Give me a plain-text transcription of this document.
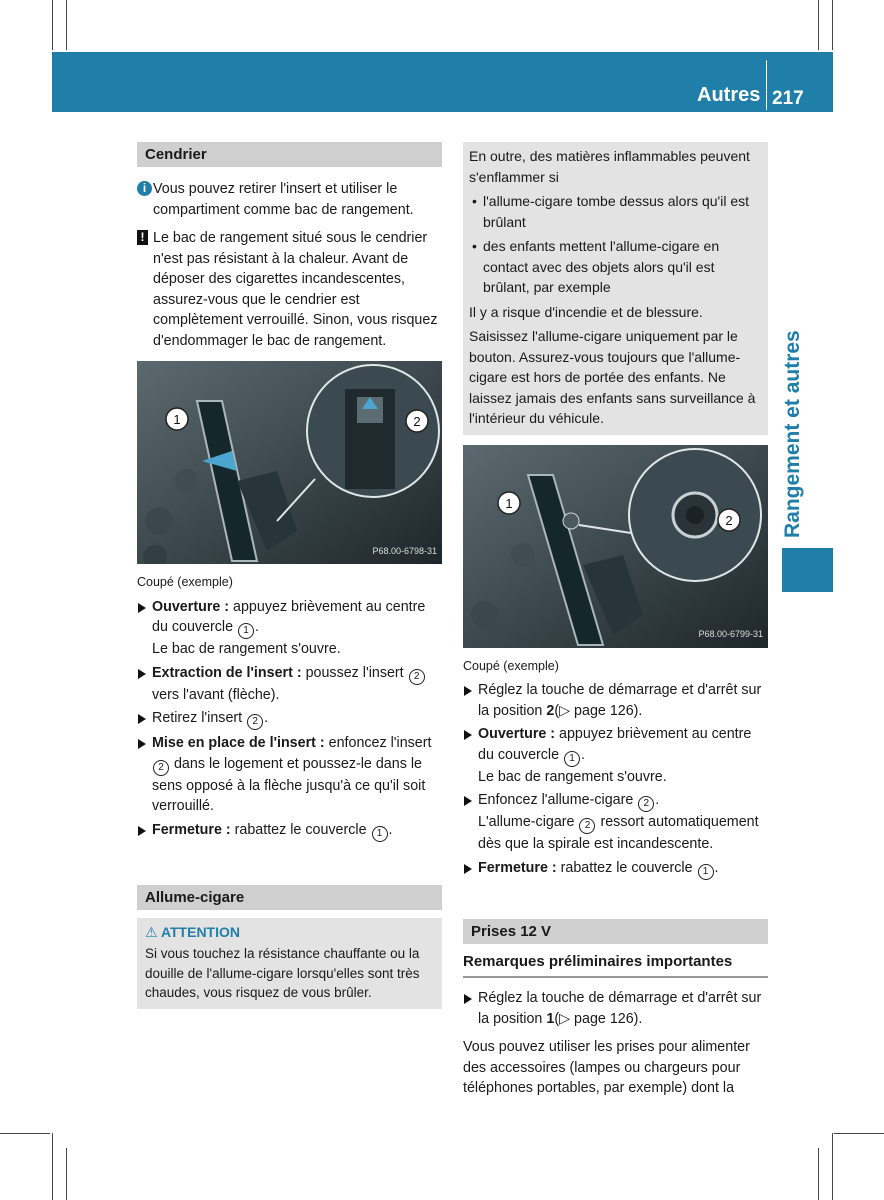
Autres 217
Rangement et autres
Cendrier
i Vous pouvez retirer l'insert et utiliser le compartiment comme bac de rangement.

! Le bac de rangement situé sous le cendrier n'est pas résistant à la chaleur. Avant de déposer des cigarettes incandescentes, assurez-vous que le cendrier est complètement verrouillé. Sinon, vous risquez d'endommager le bac de rangement.

1	2
P68.00-6798-31
Coupé (exemple)
Ouverture : appuyez brièvement au centre du couvercle 1 .
Le bac de rangement s'ouvre.
Extraction de l'insert : poussez l'insert 2 vers l'avant (flèche).
Retirez l'insert 2 .
Mise en place de l'insert : enfoncez l'insert 2 dans le logement et poussez-le dans le sens opposé à la flèche jusqu'à ce qu'il soit verrouillé.
Fermeture : rabattez le couvercle 1 .
Allume-cigare
⚠ ATTENTION

Si vous touchez la résistance chauffante ou la douille de l'allume-cigare lorsqu'elles sont très chaudes, vous risquez de vous brûler.

En outre, des matières inflammables peuvent s'enflammer si

• l'allume-cigare tombe dessus alors qu'il est brûlant
• des enfants mettent l'allume-cigare en contact avec des objets alors qu'il est brûlant, par exemple

Il y a risque d'incendie et de blessure.

Saisissez l'allume-cigare uniquement par le bouton. Assurez-vous toujours que l'allume-cigare est hors de portée des enfants. Ne laissez jamais des enfants sans surveillance à l'intérieur du véhicule.

1
2
P68.00-6799-31
Coupé (exemple)
Réglez la touche de démarrage et d'arrêt sur la position 2(▷ page 126).
Ouverture : appuyez brièvement au centre du couvercle 1 .
Le bac de rangement s'ouvre.
Enfoncez l'allume-cigare 2 .
L'allume-cigare 2 ressort automatiquement dès que la spirale est incandescente.
Fermeture : rabattez le couvercle 1 .
Prises 12 V
Remarques préliminaires importantes
Réglez la touche de démarrage et d'arrêt sur la position 1(▷ page 126).

Vous pouvez utiliser les prises pour alimenter des accessoires (lampes ou chargeurs pour téléphones portables, par exemple) dont la
